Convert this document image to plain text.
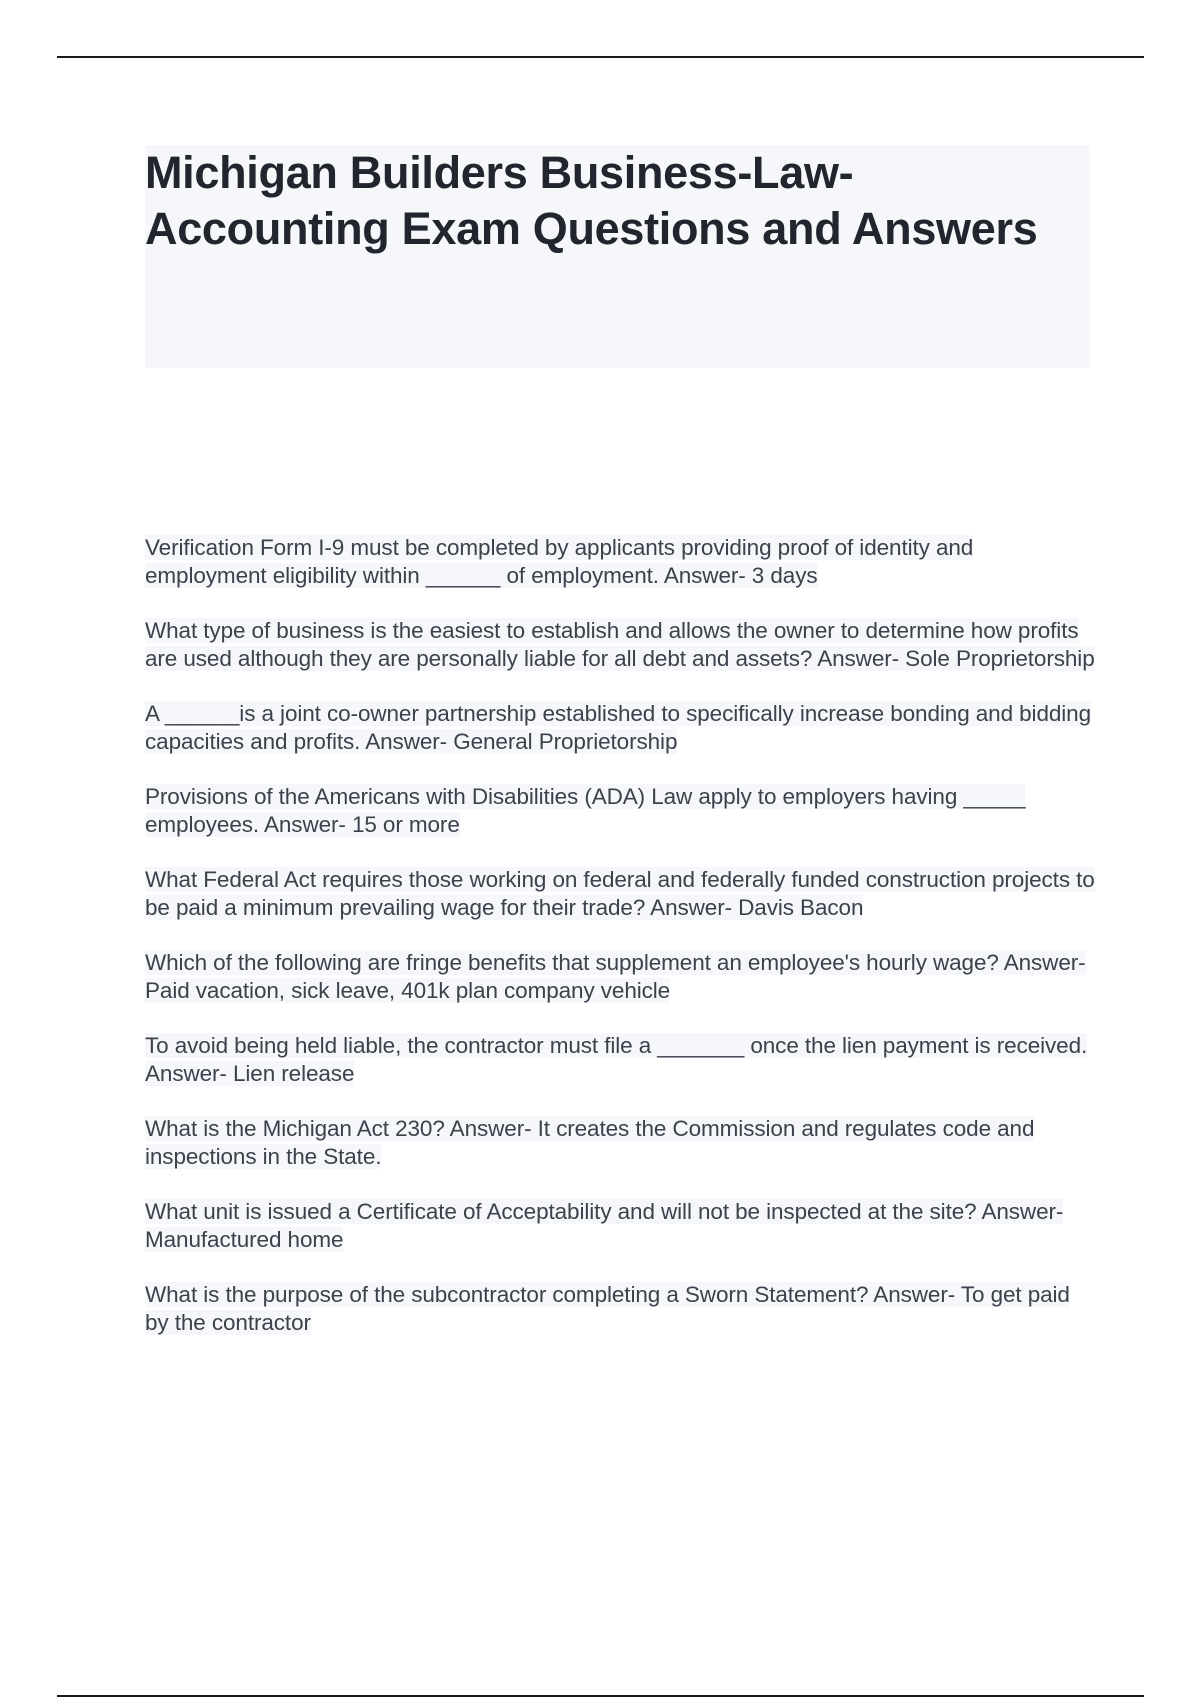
Michigan Builders Business-Law-Accounting Exam Questions and Answers
Verification Form I-9 must be completed by applicants providing proof of identity and employment eligibility within ______ of employment. Answer- 3 days
What type of business is the easiest to establish and allows the owner to determine how profits are used although they are personally liable for all debt and assets? Answer- Sole Proprietorship
A ______is a joint co-owner partnership established to specifically increase bonding and bidding capacities and profits. Answer- General Proprietorship
Provisions of the Americans with Disabilities (ADA) Law apply to employers having _____ employees. Answer- 15 or more
What Federal Act requires those working on federal and federally funded construction projects to be paid a minimum prevailing wage for their trade? Answer- Davis Bacon
Which of the following are fringe benefits that supplement an employee's hourly wage? Answer- Paid vacation, sick leave, 401k plan company vehicle
To avoid being held liable, the contractor must file a _______ once the lien payment is received. Answer- Lien release
What is the Michigan Act 230? Answer- It creates the Commission and regulates code and inspections in the State.
What unit is issued a Certificate of Acceptability and will not be inspected at the site? Answer- Manufactured home
What is the purpose of the subcontractor completing a Sworn Statement? Answer- To get paid by the contractor
